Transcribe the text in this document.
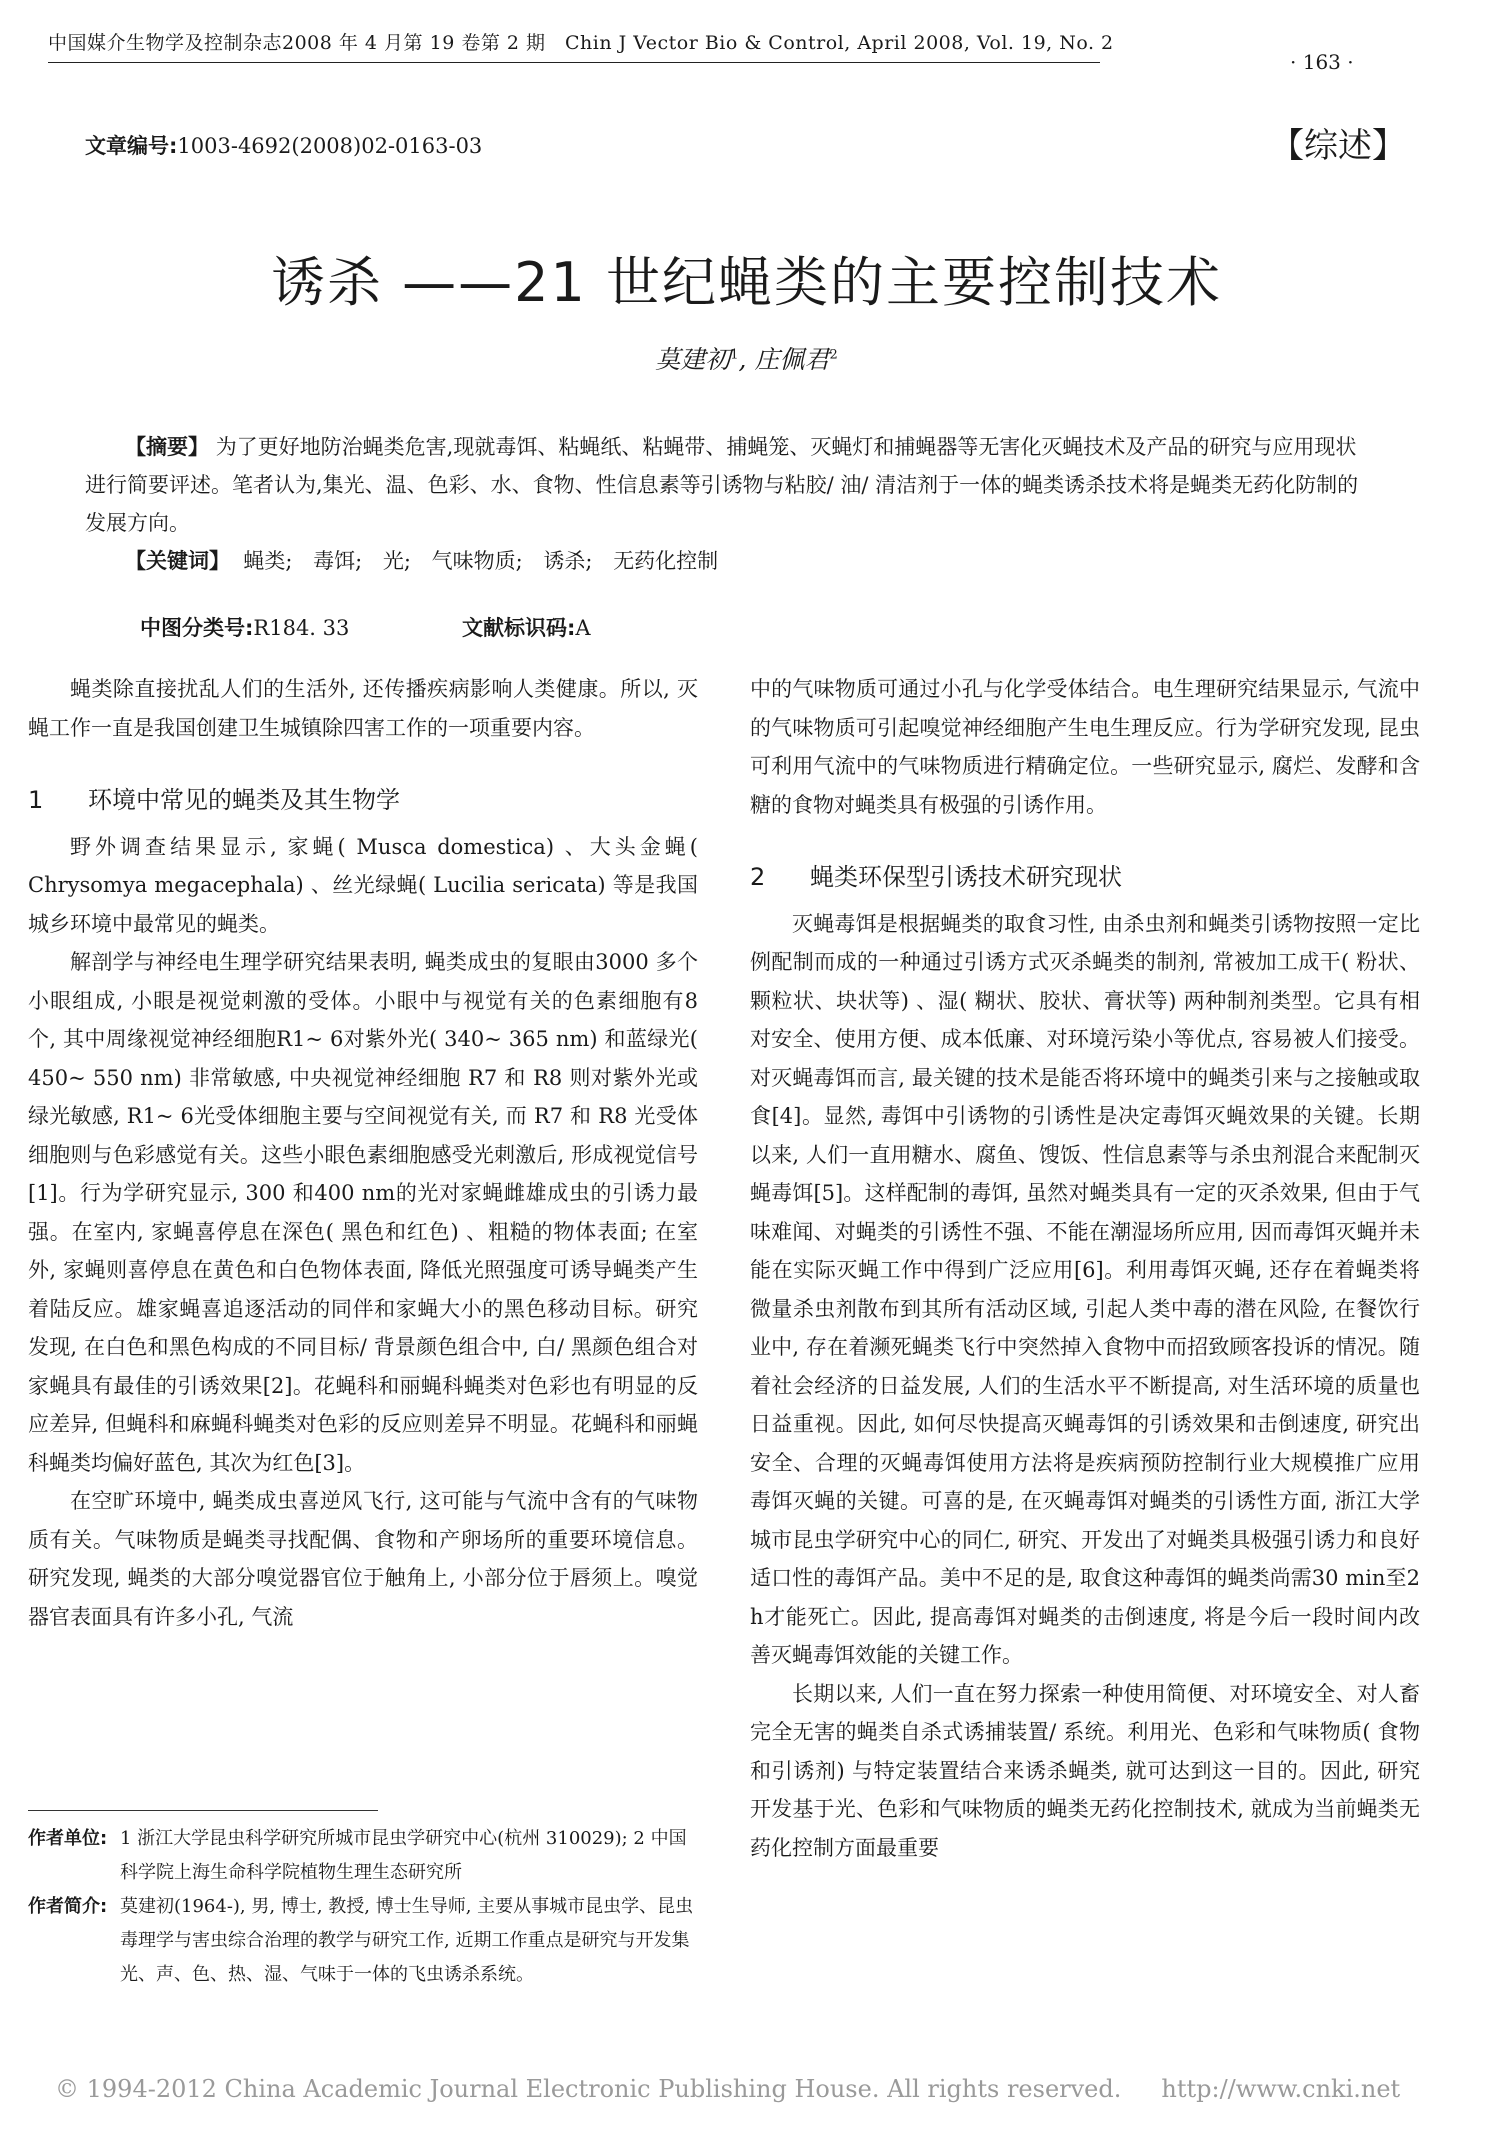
中国媒介生物学及控制杂志2008 年 4 月第 19 卷第 2 期　Chin J Vector Bio & Control, April 2008, Vol. 19, No. 2
· 163 ·
文章编号:1003-4692(2008)02-0163-03	【综述】
诱杀 ——21 世纪蝇类的主要控制技术
莫建初$^1$, 庄佩君$^2$
【摘要】 为了更好地防治蝇类危害,现就毒饵、粘蝇纸、粘蝇带、捕蝇笼、灭蝇灯和捕蝇器等无害化灭蝇技术及产品的研究与应用现状进行简要评述。笔者认为,集光、温、色彩、水、食物、性信息素等引诱物与粘胶/ 油/ 清洁剂于一体的蝇类诱杀技术将是蝇类无药化防制的发展方向。
【关键词】 蝇类; 毒饵; 光; 气味物质; 诱杀; 无药化控制
中图分类号:R184. 33	文献标识码:A

蝇类除直接扰乱人们的生活外, 还传播疾病影响人类健康。所以, 灭蝇工作一直是我国创建卫生城镇除四害工作的一项重要内容。

1 环境中常见的蝇类及其生物学

野外调查结果显示, 家蝇( Musca domestica) 、大头金蝇( Chrysomya megacephala) 、丝光绿蝇( Lucilia sericata) 等是我国城乡环境中最常见的蝇类。

解剖学与神经电生理学研究结果表明, 蝇类成虫的复眼由3000 多个小眼组成, 小眼是视觉刺激的受体。小眼中与视觉有关的色素细胞有8 个, 其中周缘视觉神经细胞R1~ 6对紫外光( 340~ 365 nm) 和蓝绿光( 450~ 550 nm) 非常敏感, 中央视觉神经细胞 R7 和 R8 则对紫外光或绿光敏感, R1~ 6光受体细胞主要与空间视觉有关, 而 R7 和 R8 光受体细胞则与色彩感觉有关。这些小眼色素细胞感受光刺激后, 形成视觉信号[1]。行为学研究显示, 300 和400 nm的光对家蝇雌雄成虫的引诱力最强。在室内, 家蝇喜停息在深色( 黑色和红色) 、粗糙的物体表面; 在室外, 家蝇则喜停息在黄色和白色物体表面, 降低光照强度可诱导蝇类产生着陆反应。雄家蝇喜追逐活动的同伴和家蝇大小的黑色移动目标。研究发现, 在白色和黑色构成的不同目标/ 背景颜色组合中, 白/ 黑颜色组合对家蝇具有最佳的引诱效果[2]。花蝇科和丽蝇科蝇类对色彩也有明显的反应差异, 但蝇科和麻蝇科蝇类对色彩的反应则差异不明显。花蝇科和丽蝇科蝇类均偏好蓝色, 其次为红色[3]。

在空旷环境中, 蝇类成虫喜逆风飞行, 这可能与气流中含有的气味物质有关。气味物质是蝇类寻找配偶、食物和产卵场所的重要环境信息。研究发现, 蝇类的大部分嗅觉器官位于触角上, 小部分位于唇须上。嗅觉器官表面具有许多小孔, 气流

中的气味物质可通过小孔与化学受体结合。电生理研究结果显示, 气流中的气味物质可引起嗅觉神经细胞产生电生理反应。行为学研究发现, 昆虫可利用气流中的气味物质进行精确定位。一些研究显示, 腐烂、发酵和含糖的食物对蝇类具有极强的引诱作用。

2 蝇类环保型引诱技术研究现状

灭蝇毒饵是根据蝇类的取食习性, 由杀虫剂和蝇类引诱物按照一定比例配制而成的一种通过引诱方式灭杀蝇类的制剂, 常被加工成干( 粉状、颗粒状、块状等) 、湿( 糊状、胶状、膏状等) 两种制剂类型。它具有相对安全、使用方便、成本低廉、对环境污染小等优点, 容易被人们接受。对灭蝇毒饵而言, 最关键的技术是能否将环境中的蝇类引来与之接触或取食[4]。显然, 毒饵中引诱物的引诱性是决定毒饵灭蝇效果的关键。长期以来, 人们一直用糖水、腐鱼、馊饭、性信息素等与杀虫剂混合来配制灭蝇毒饵[5]。这样配制的毒饵, 虽然对蝇类具有一定的灭杀效果, 但由于气味难闻、对蝇类的引诱性不强、不能在潮湿场所应用, 因而毒饵灭蝇并未能在实际灭蝇工作中得到广泛应用[6]。利用毒饵灭蝇, 还存在着蝇类将微量杀虫剂散布到其所有活动区域, 引起人类中毒的潜在风险, 在餐饮行业中, 存在着濒死蝇类飞行中突然掉入食物中而招致顾客投诉的情况。随着社会经济的日益发展, 人们的生活水平不断提高, 对生活环境的质量也日益重视。因此, 如何尽快提高灭蝇毒饵的引诱效果和击倒速度, 研究出安全、合理的灭蝇毒饵使用方法将是疾病预防控制行业大规模推广应用毒饵灭蝇的关键。可喜的是, 在灭蝇毒饵对蝇类的引诱性方面, 浙江大学城市昆虫学研究中心的同仁, 研究、开发出了对蝇类具极强引诱力和良好适口性的毒饵产品。美中不足的是, 取食这种毒饵的蝇类尚需30 min至2 h才能死亡。因此, 提高毒饵对蝇类的击倒速度, 将是今后一段时间内改善灭蝇毒饵效能的关键工作。

长期以来, 人们一直在努力探索一种使用简便、对环境安全、对人畜完全无害的蝇类自杀式诱捕装置/ 系统。利用光、色彩和气味物质( 食物和引诱剂) 与特定装置结合来诱杀蝇类, 就可达到这一目的。因此, 研究开发基于光、色彩和气味物质的蝇类无药化控制技术, 就成为当前蝇类无药化控制方面最重要

作者单位: 1 浙江大学昆虫科学研究所城市昆虫学研究中心(杭州 310029); 2 中国科学院上海生命科学院植物生理生态研究所
作者简介: 莫建初(1964-), 男, 博士, 教授, 博士生导师, 主要从事城市昆虫学、昆虫毒理学与害虫综合治理的教学与研究工作, 近期工作重点是研究与开发集光、声、色、热、湿、气味于一体的飞虫诱杀系统。
© 1994-2012 China Academic Journal Electronic Publishing House. All rights reserved. http://www.cnki.net
